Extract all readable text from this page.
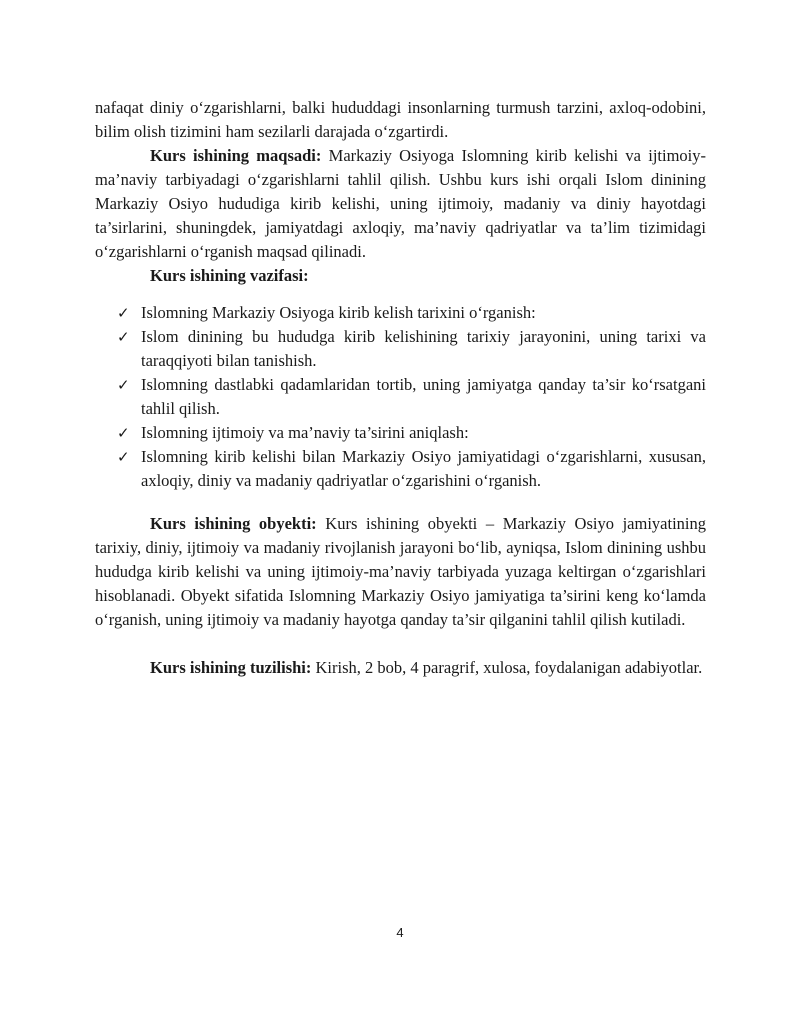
nafaqat diniy o‘zgarishlarni, balki hududdagi insonlarning turmush tarzini, axloq-odobini, bilim olish tizimini ham sezilarli darajada o‘zgartirdi.

Kurs ishining maqsadi: Markaziy Osiyoga Islomning kirib kelishi va ijtimoiy-ma’naviy tarbiyadagi o‘zgarishlarni tahlil qilish. Ushbu kurs ishi orqali Islom dinining Markaziy Osiyo hududiga kirib kelishi, uning ijtimoiy, madaniy va diniy hayotdagi ta’sirlarini, shuningdek, jamiyatdagi axloqiy, ma’naviy qadriyatlar va ta’lim tizimidagi o‘zgarishlarni o‘rganish maqsad qilinadi.

Kurs ishining vazifasi:

✓ Islomning Markaziy Osiyoga kirib kelish tarixini o‘rganish:
✓ Islom dinining bu hududga kirib kelishining tarixiy jarayonini, uning tarixi va taraqqiyoti bilan tanishish.
✓ Islomning dastlabki qadamlaridan tortib, uning jamiyatga qanday ta’sir ko‘rsatgani tahlil qilish.
✓ Islomning ijtimoiy va ma’naviy ta’sirini aniqlash:
✓ Islomning kirib kelishi bilan Markaziy Osiyo jamiyatidagi o‘zgarishlarni, xususan, axloqiy, diniy va madaniy qadriyatlar o‘zgarishini o‘rganish.

Kurs ishining obyekti: Kurs ishining obyekti – Markaziy Osiyo jamiyatining tarixiy, diniy, ijtimoiy va madaniy rivojlanish jarayoni bo‘lib, ayniqsa, Islom dinining ushbu hududga kirib kelishi va uning ijtimoiy-ma’naviy tarbiyada yuzaga keltirgan o‘zgarishlari hisoblanadi. Obyekt sifatida Islomning Markaziy Osiyo jamiyatiga ta’sirini keng ko‘lamda o‘rganish, uning ijtimoiy va madaniy hayotga qanday ta’sir qilganini tahlil qilish kutiladi.

Kurs ishining tuzilishi: Kirish, 2 bob, 4 paragrif, xulosa, foydalanigan adabiyotlar.

4
